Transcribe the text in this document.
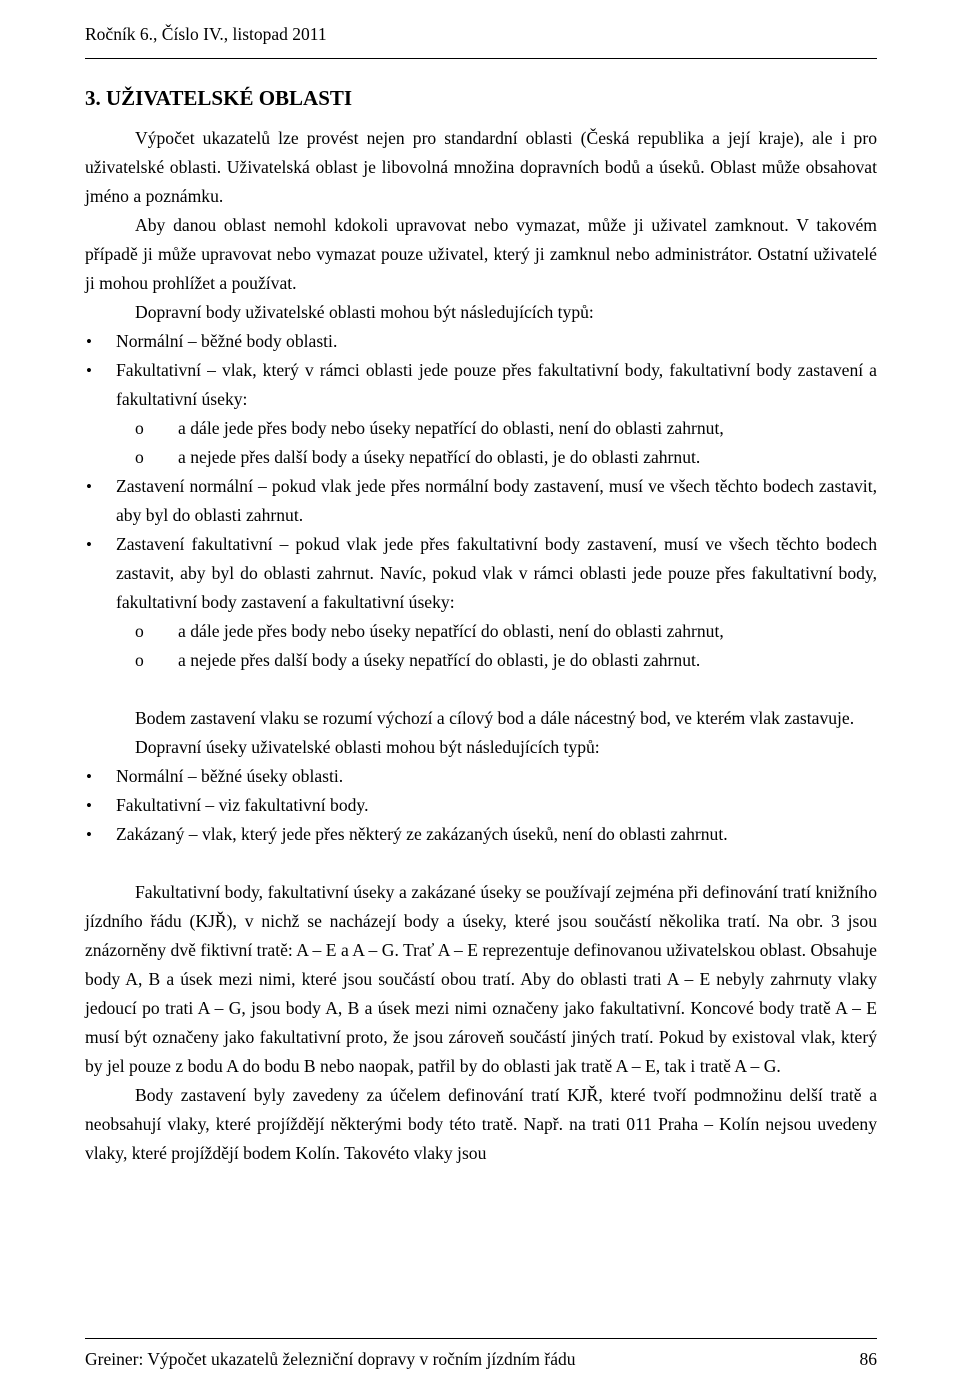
Ročník 6., Číslo IV., listopad 2011
3. UŽIVATELSKÉ OBLASTI

Výpočet ukazatelů lze provést nejen pro standardní oblasti (Česká republika a její kraje), ale i pro uživatelské oblasti. Uživatelská oblast je libovolná množina dopravních bodů a úseků. Oblast může obsahovat jméno a poznámku.

Aby danou oblast nemohl kdokoli upravovat nebo vymazat, může ji uživatel zamknout. V takovém případě ji může upravovat nebo vymazat pouze uživatel, který ji zamknul nebo administrátor. Ostatní uživatelé ji mohou prohlížet a používat.

Dopravní body uživatelské oblasti mohou být následujících typů:

• Normální – běžné body oblasti.

• Fakultativní – vlak, který v rámci oblasti jede pouze přes fakultativní body, fakultativní body zastavení a fakultativní úseky:

o a dále jede přes body nebo úseky nepatřící do oblasti, není do oblasti zahrnut,

o a nejede přes další body a úseky nepatřící do oblasti, je do oblasti zahrnut.

• Zastavení normální – pokud vlak jede přes normální body zastavení, musí ve všech těchto bodech zastavit, aby byl do oblasti zahrnut.

• Zastavení fakultativní – pokud vlak jede přes fakultativní body zastavení, musí ve všech těchto bodech zastavit, aby byl do oblasti zahrnut. Navíc, pokud vlak v rámci oblasti jede pouze přes fakultativní body, fakultativní body zastavení a fakultativní úseky:

o a dále jede přes body nebo úseky nepatřící do oblasti, není do oblasti zahrnut,

o a nejede přes další body a úseky nepatřící do oblasti, je do oblasti zahrnut.

Bodem zastavení vlaku se rozumí výchozí a cílový bod a dále nácestný bod, ve kterém vlak zastavuje.

Dopravní úseky uživatelské oblasti mohou být následujících typů:

• Normální – běžné úseky oblasti.

• Fakultativní – viz fakultativní body.

• Zakázaný – vlak, který jede přes některý ze zakázaných úseků, není do oblasti zahrnut.

Fakultativní body, fakultativní úseky a zakázané úseky se používají zejména při definování tratí knižního jízdního řádu (KJŘ), v nichž se nacházejí body a úseky, které jsou součástí několika tratí. Na obr. 3 jsou znázorněny dvě fiktivní tratě: A – E a A – G. Trať A – E reprezentuje definovanou uživatelskou oblast. Obsahuje body A, B a úsek mezi nimi, které jsou součástí obou tratí. Aby do oblasti trati A – E nebyly zahrnuty vlaky jedoucí po trati A – G, jsou body A, B a úsek mezi nimi označeny jako fakultativní. Koncové body tratě A – E musí být označeny jako fakultativní proto, že jsou zároveň součástí jiných tratí. Pokud by existoval vlak, který by jel pouze z bodu A do bodu B nebo naopak, patřil by do oblasti jak tratě A – E, tak i tratě A – G.

Body zastavení byly zavedeny za účelem definování tratí KJŘ, které tvoří podmnožinu delší tratě a neobsahují vlaky, které projíždějí některými body této tratě. Např. na trati 011 Praha – Kolín nejsou uvedeny vlaky, které projíždějí bodem Kolín. Takovéto vlaky jsou

Greiner: Výpočet ukazatelů železniční dopravy v ročním jízdním řádu	86
